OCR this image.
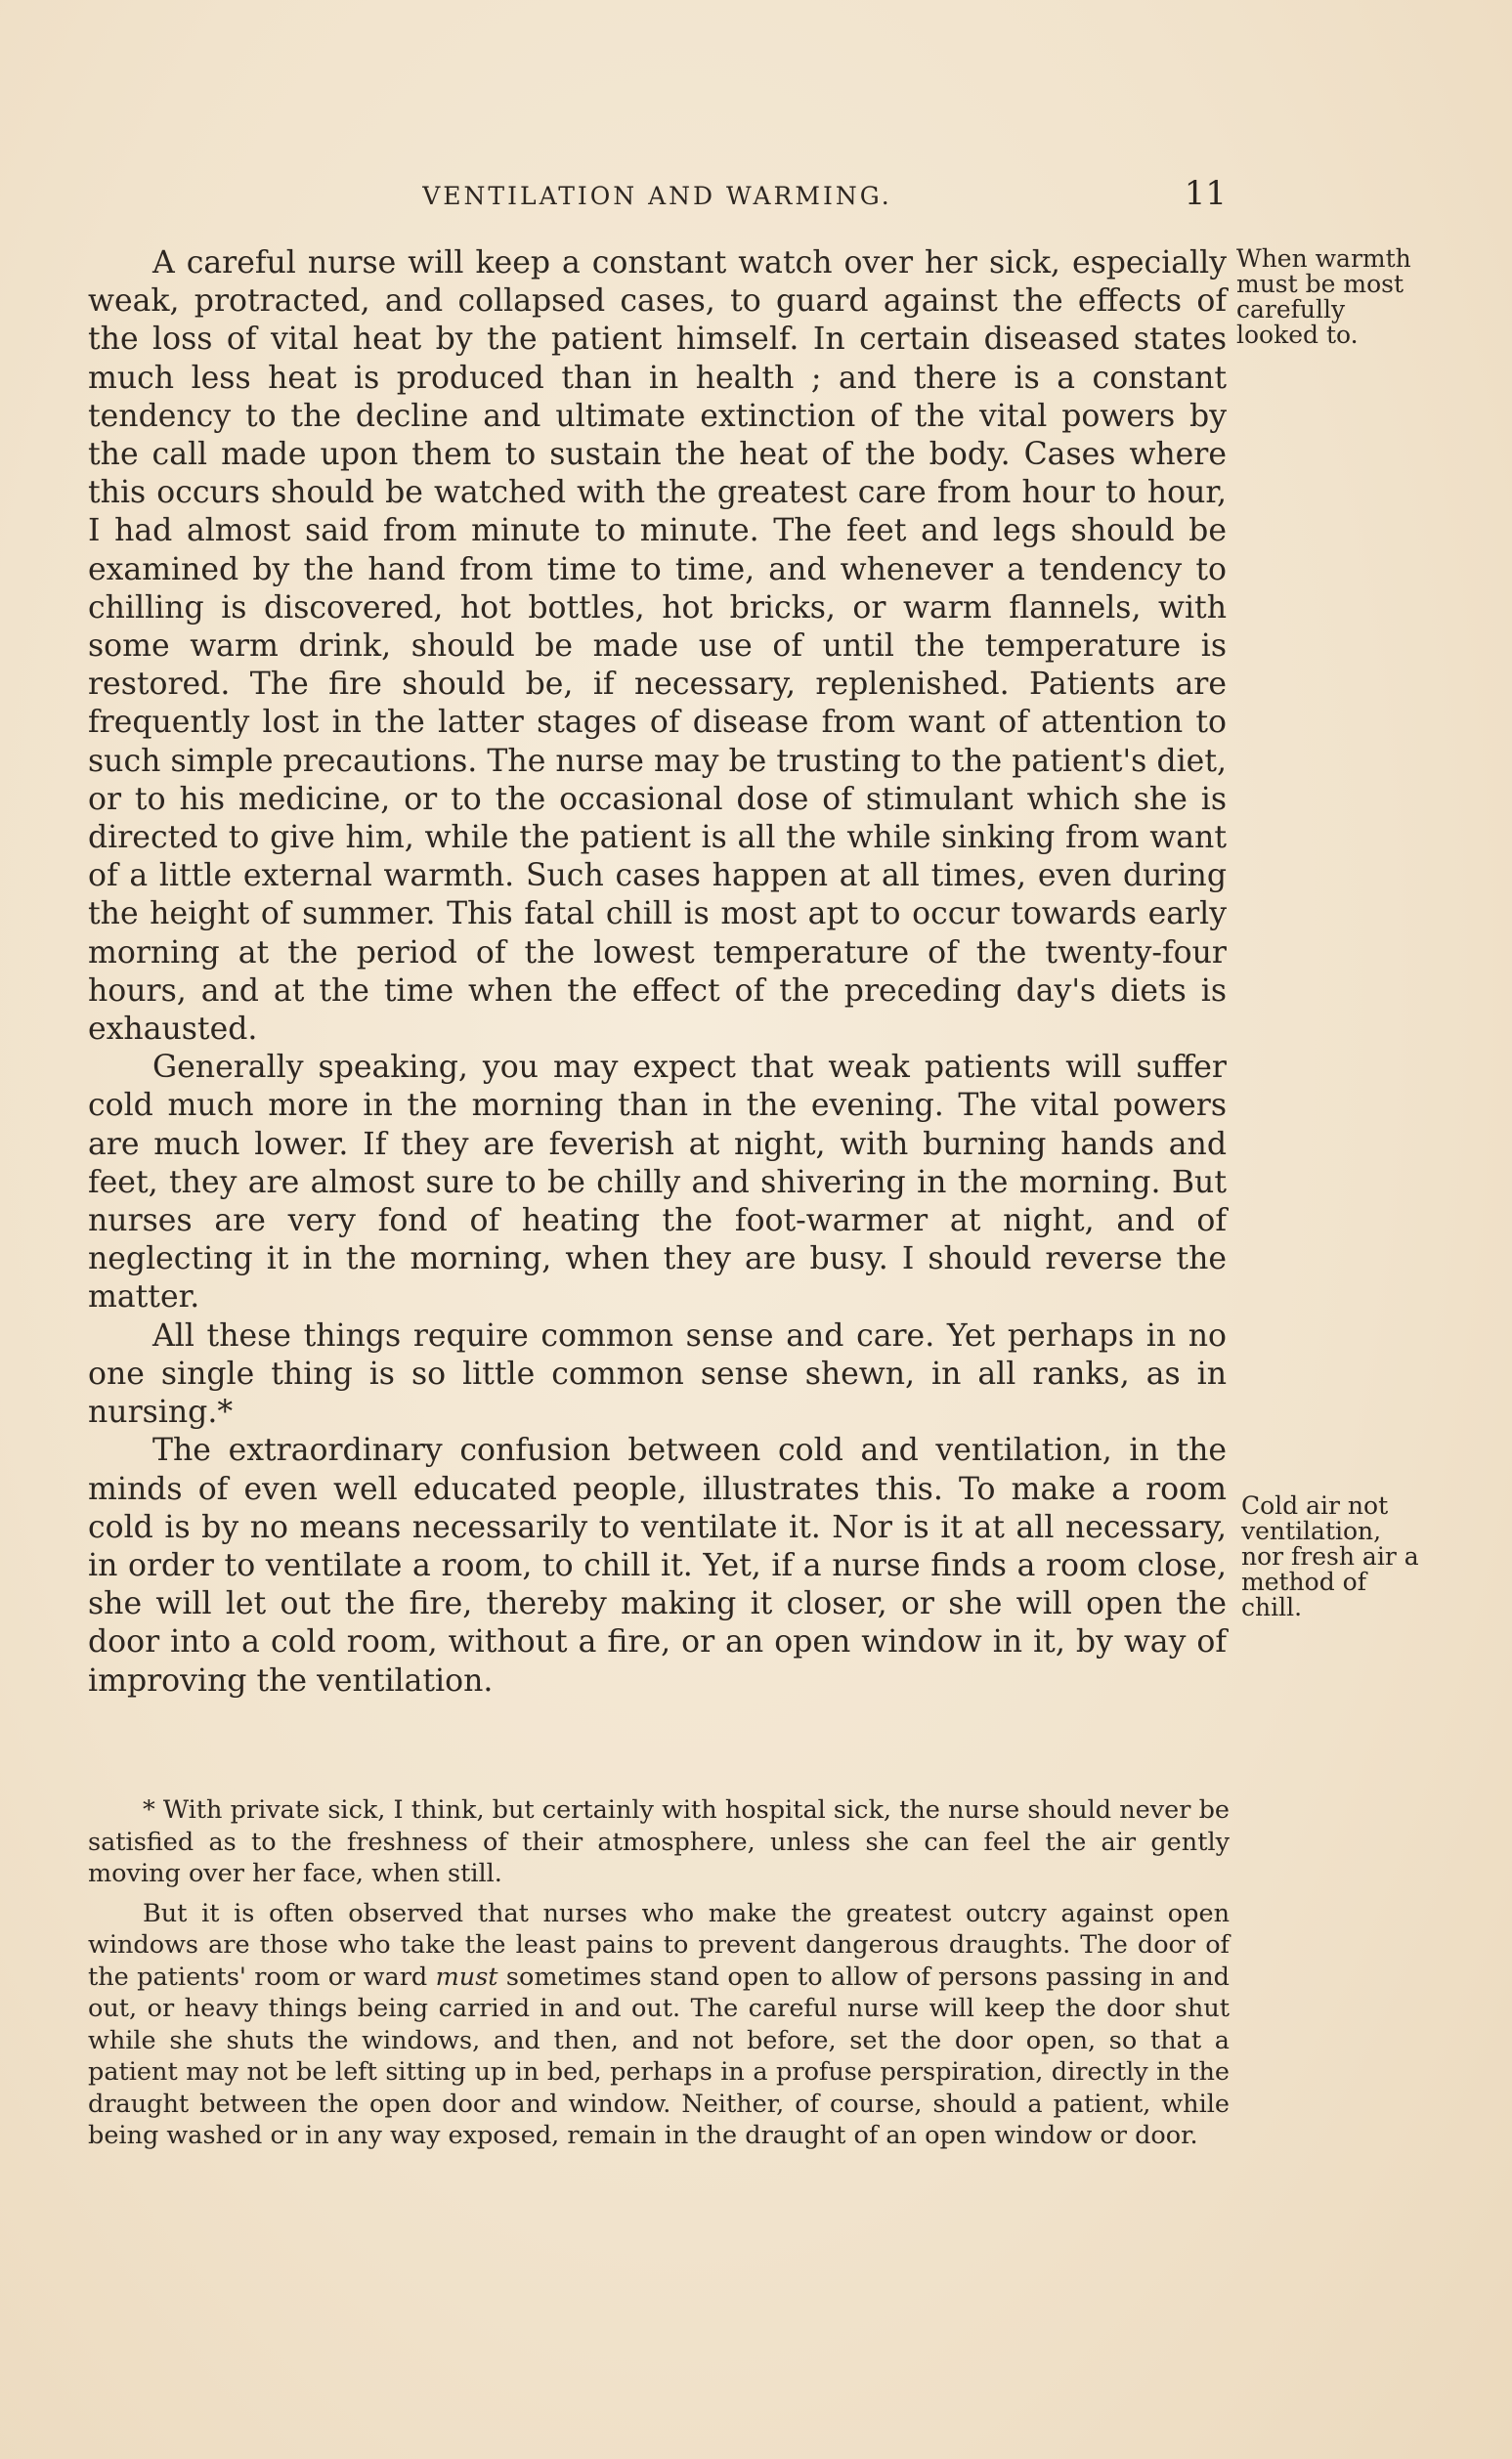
VENTILATION AND WARMING.	11
When warmth
must be most
carefully
looked to.
Cold air not
ventilation,
nor fresh air a
method of
chill.

A careful nurse will keep a constant watch over her sick, especially weak, protracted, and collapsed cases, to guard against the effects of the loss of vital heat by the patient himself. In certain diseased states much less heat is produced than in health ; and there is a constant tendency to the decline and ultimate extinction of the vital powers by the call made upon them to sustain the heat of the body. Cases where this occurs should be watched with the greatest care from hour to hour, I had almost said from minute to minute. The feet and legs should be examined by the hand from time to time, and whenever a tendency to chilling is discovered, hot bottles, hot bricks, or warm flannels, with some warm drink, should be made use of until the temperature is restored. The fire should be, if necessary, replenished. Patients are frequently lost in the latter stages of disease from want of attention to such simple precautions. The nurse may be trusting to the patient's diet, or to his medicine, or to the occasional dose of stimulant which she is directed to give him, while the patient is all the while sinking from want of a little external warmth. Such cases happen at all times, even during the height of summer. This fatal chill is most apt to occur towards early morning at the period of the lowest temperature of the twenty-four hours, and at the time when the effect of the preceding day's diets is exhausted.

Generally speaking, you may expect that weak patients will suffer cold much more in the morning than in the evening. The vital powers are much lower. If they are feverish at night, with burning hands and feet, they are almost sure to be chilly and shivering in the morning. But nurses are very fond of heating the foot-warmer at night, and of neglecting it in the morning, when they are busy. I should reverse the matter.

All these things require common sense and care. Yet perhaps in no one single thing is so little common sense shewn, in all ranks, as in nursing.*

The extraordinary confusion between cold and ventilation, in the minds of even well educated people, illustrates this. To make a room cold is by no means necessarily to ventilate it. Nor is it at all necessary, in order to ventilate a room, to chill it. Yet, if a nurse finds a room close, she will let out the fire, thereby making it closer, or she will open the door into a cold room, without a fire, or an open window in it, by way of improving the ventilation.

* With private sick, I think, but certainly with hospital sick, the nurse should never be satisfied as to the freshness of their atmosphere, unless she can feel the air gently moving over her face, when still.

But it is often observed that nurses who make the greatest outcry against open windows are those who take the least pains to prevent dangerous draughts. The door of the patients' room or ward must sometimes stand open to allow of persons passing in and out, or heavy things being carried in and out. The careful nurse will keep the door shut while she shuts the windows, and then, and not before, set the door open, so that a patient may not be left sitting up in bed, perhaps in a profuse perspiration, directly in the draught between the open door and window. Neither, of course, should a patient, while being washed or in any way exposed, remain in the draught of an open window or door.
